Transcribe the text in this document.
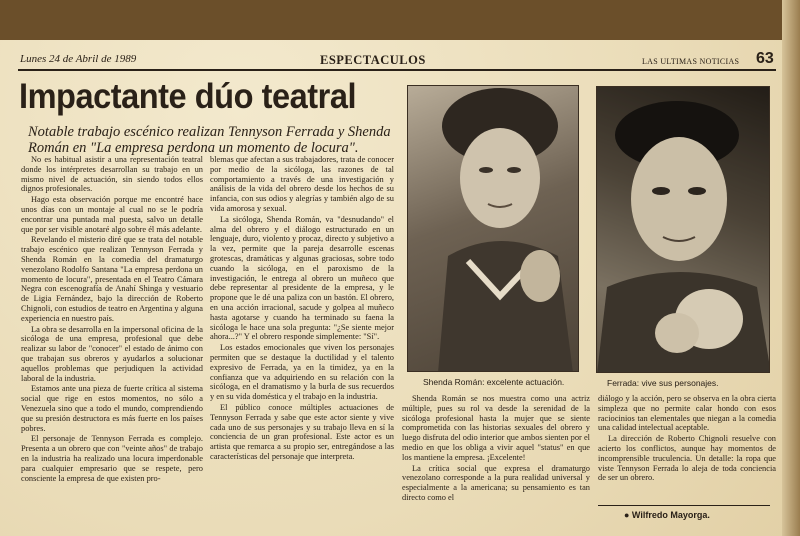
Lunes 24 de Abril de 1989	ESPECTACULOS	LAS ULTIMAS NOTICIAS 63
Impactante dúo teatral
Notable trabajo escénico realizan Tennyson Ferrada y Shenda Román en "La empresa perdona un momento de locura".

No es habitual asistir a una representación teatral donde los intérpretes desarrollan su trabajo en un mismo nivel de actuación, sin siendo todos ellos dignos profesionales.

Hago esta observación porque me encontré hace unos días con un montaje al cual no se le podría encontrar una puntada mal puesta, salvo un detalle que por ser visible anotaré algo sobre él más adelante.

Revelando el misterio diré que se trata del notable trabajo escénico que realizan Tennyson Ferrada y Shenda Román en la comedia del dramaturgo venezolano Rodolfo Santana "La empresa perdona un momento de locura", presentada en el Teatro Cámara Negra con escenografía de Anahí Shinga y vestuario de Ligia Fernández, bajo la dirección de Roberto Chignoli, con estudios de teatro en Argentina y alguna experiencia en nuestro país.

La obra se desarrolla en la impersonal oficina de la sicóloga de una empresa, profesional que debe realizar su labor de "conocer" el estado de ánimo con que trabajan sus obreros y ayudarlos a solucionar aquellos problemas que perjudiquen la actividad laboral de la industria.

Estamos ante una pieza de fuerte crítica al sistema social que rige en estos momentos, no sólo a Venezuela sino que a todo el mundo, comprendiendo que su presión destructora es más fuerte en los países pobres.

El personaje de Tennyson Ferrada es complejo. Presenta a un obrero que con "veinte años" de trabajo en la industria ha realizado una locura imperdonable para cualquier empresario que se respete, pero consciente la empresa de que existen pro-

blemas que afectan a sus trabajadores, trata de conocer por medio de la sicóloga, las razones de tal comportamiento a través de una investigación y análisis de la vida del obrero desde los hechos de su infancia, con sus odios y alegrías y también algo de su vida amorosa y sexual.

La sicóloga, Shenda Román, va "desnudando" el alma del obrero y el diálogo estructurado en un lenguaje, duro, violento y procaz, directo y subjetivo a la vez, permite que la pareja desarrolle escenas grotescas, dramáticas y algunas graciosas, sobre todo cuando la sicóloga, en el paroxismo de la investigación, le entrega al obrero un muñeco que debe representar al presidente de la empresa, y le propone que le dé una paliza con un bastón. El obrero, en una acción irracional, sacude y golpea al muñeco hasta agotarse y cuando ha terminado su faena la sicóloga le hace una sola pregunta: "¿Se siente mejor ahora...?" Y el obrero responde simplemente: "Sí".

Los estados emocionales que viven los personajes permiten que se destaque la ductilidad y el talento expresivo de Ferrada, ya en la timidez, ya en la confianza que va adquiriendo en su relación con la sicóloga, en el dramatismo y la burla de sus recuerdos y en su vida doméstica y el trabajo en la industria.

El público conoce múltiples actuaciones de Tennyson Ferrada y sabe que este actor siente y vive cada uno de sus personajes y su trabajo lleva en sí la conciencia de un gran profesional. Este actor es un artista que remarca a su propio ser, entregándose a las características del personaje que interpreta.

Shenda Román: excelente actuación.	Ferrada: vive sus personajes.

Shenda Román se nos muestra como una actriz múltiple, pues su rol va desde la serenidad de la sicóloga profesional hasta la mujer que se siente comprometida con las historias sexuales del obrero y luego disfruta del odio interior que ambos sienten por el medio en que los obliga a vivir aquel "status" en que los mantiene la empresa. ¡Excelente!

La crítica social que expresa el dramaturgo venezolano corresponde a la pura realidad universal y especialmente a la americana; su pensamiento es tan directo como el

diálogo y la acción, pero se observa en la obra cierta simpleza que no permite calar hondo con esos raciocinios tan elementales que niegan a la comedia una calidad intelectual aceptable.

La dirección de Roberto Chignoli resuelve con acierto los conflictos, aunque hay momentos de incomprensible truculencia. Un detalle: la ropa que viste Tennyson Ferrada lo aleja de toda conciencia de ser un obrero.

● Wilfredo Mayorga.
